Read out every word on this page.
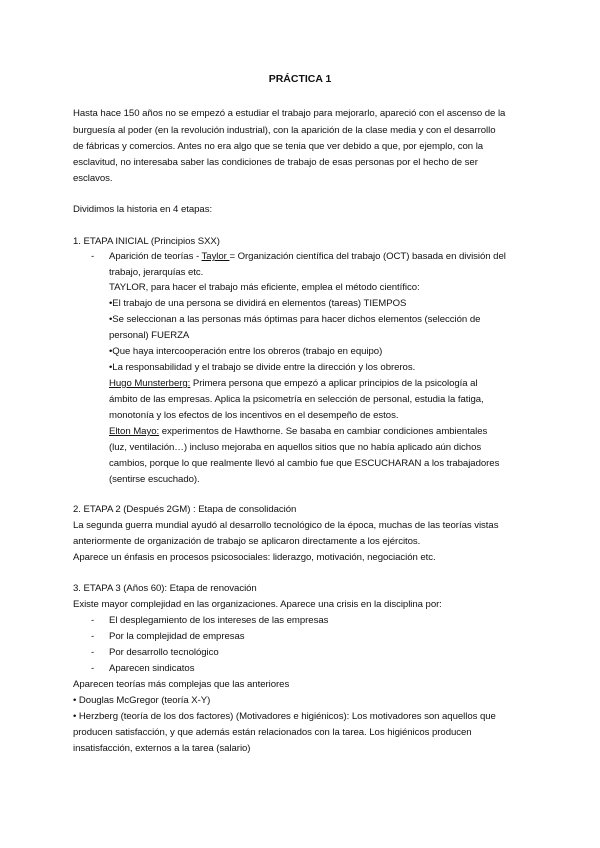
PRÁCTICA 1
Hasta hace 150 años no se empezó a estudiar el trabajo para mejorarlo, apareció con el ascenso de la
burguesía al poder (en la revolución industrial), con la aparición de la clase media y con el desarrollo
de fábricas y comercios. Antes no era algo que se tenia que ver debido a que, por ejemplo, con la
esclavitud, no interesaba saber las condiciones de trabajo de esas personas por el hecho de ser
esclavos.
Dividimos la historia en 4 etapas:
1. ETAPA INICIAL (Principios SXX)
- Aparición de teorías - Taylor = Organización científica del trabajo (OCT) basada en división del
trabajo, jerarquías etc.
TAYLOR, para hacer el trabajo más eficiente, emplea el método científico:
•El trabajo de una persona se dividirá en elementos (tareas) TIEMPOS
•Se seleccionan a las personas más óptimas para hacer dichos elementos (selección de
personal) FUERZA
•Que haya intercooperación entre los obreros (trabajo en equipo)
•La responsabilidad y el trabajo se divide entre la dirección y los obreros.
Hugo Munsterberg: Primera persona que empezó a aplicar principios de la psicología al
ámbito de las empresas. Aplica la psicometría en selección de personal, estudia la fatiga,
monotonía y los efectos de los incentivos en el desempeño de estos.
Elton Mayo: experimentos de Hawthorne. Se basaba en cambiar condiciones ambientales
(luz, ventilación…) incluso mejoraba en aquellos sitios que no había aplicado aún dichos
cambios, porque lo que realmente llevó al cambio fue que ESCUCHARAN a los trabajadores
(sentirse escuchado).
2. ETAPA 2 (Después 2GM) : Etapa de consolidación
La segunda guerra mundial ayudó al desarrollo tecnológico de la época, muchas de las teorías vistas
anteriormente de organización de trabajo se aplicaron directamente a los ejércitos.
Aparece un énfasis en procesos psicosociales: liderazgo, motivación, negociación etc.
3. ETAPA 3 (Años 60): Etapa de renovación
Existe mayor complejidad en las organizaciones. Aparece una crisis en la disciplina por:
- El desplegamiento de los intereses de las empresas
- Por la complejidad de empresas
- Por desarrollo tecnológico
- Aparecen sindicatos
Aparecen teorías más complejas que las anteriores
• Douglas McGregor (teoría X-Y)
• Herzberg (teoría de los dos factores) (Motivadores e higiénicos): Los motivadores son aquellos que
producen satisfacción, y que además están relacionados con la tarea. Los higiénicos producen
insatisfacción, externos a la tarea (salario)
